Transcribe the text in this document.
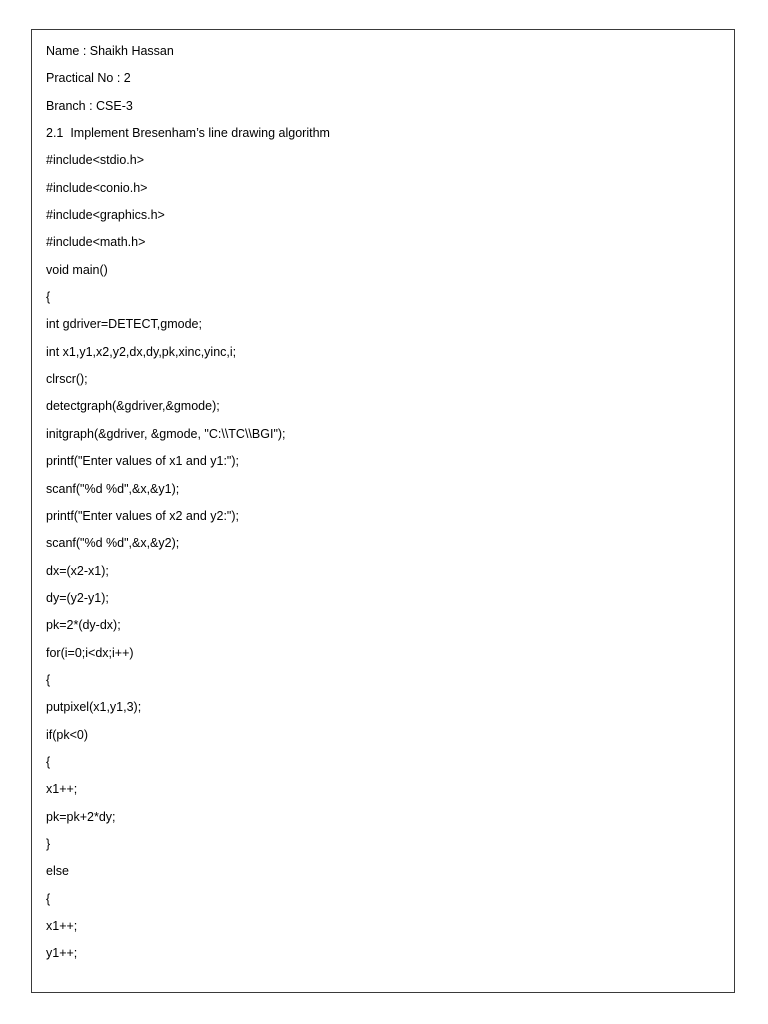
Name : Shaikh Hassan
Practical No : 2
Branch : CSE-3
2.1  Implement Bresenham’s line drawing algorithm
#include<stdio.h>
#include<conio.h>
#include<graphics.h>
#include<math.h>
void main()
{
int gdriver=DETECT,gmode;
int x1,y1,x2,y2,dx,dy,pk,xinc,yinc,i;
clrscr();
detectgraph(&gdriver,&gmode);
initgraph(&gdriver, &gmode, "C:\\TC\\BGI");
printf("Enter values of x1 and y1:");
scanf("%d %d",&x,&y1);
printf("Enter values of x2 and y2:");
scanf("%d %d",&x,&y2);
dx=(x2-x1);
dy=(y2-y1);
pk=2*(dy-dx);
for(i=0;i<dx;i++)
{
putpixel(x1,y1,3);
if(pk<0)
{
x1++;
pk=pk+2*dy;
}
else
{
x1++;
y1++;
